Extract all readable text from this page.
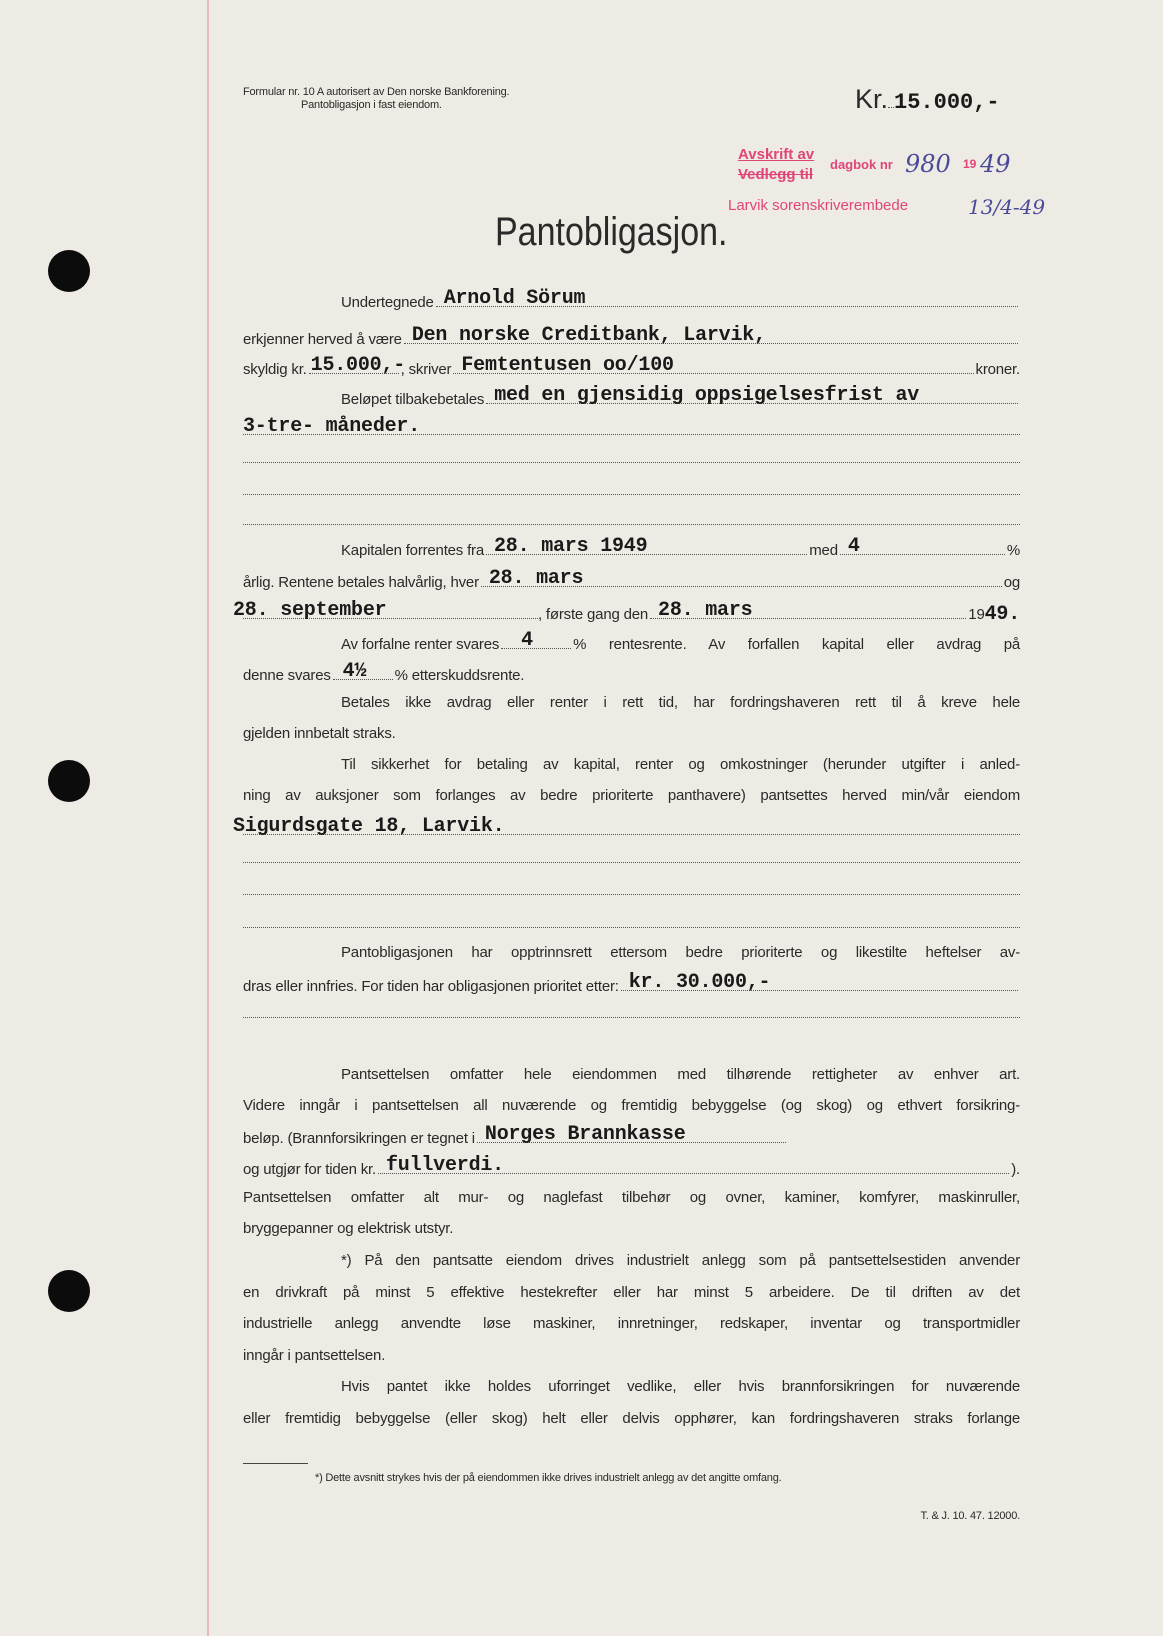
Formular nr. 10 A autorisert av Den norske Bankforening.
Pantobligasjon i fast eiendom.	Kr. 15.000,-
Avskrift av
Vedlegg til
dagbok nr 980 19 49
Larvik sorenskriverembede	13/4-49
Pantobligasjon.
Undertegnede Arnold Sörum
erkjenner herved å være Den norske Creditbank, Larvik,
skyldig kr. 15.000,-
, skriver Femtentusen oo/100	kroner.
Beløpet tilbakebetales med en gjensidig oppsigelsesfrist av
3-tre- måneder.
Kapitalen forrentes fra 28. mars 1949	med 4	%
årlig. Rentene betales halvårlig, hver 28. mars	og
28. september	, første gang den 28. mars	19 49.
Av forfalne renter svares 4	% rentesrente. Av forfallen kapital eller avdrag på
denne svares 4½ % etterskuddsrente.
Betales ikke avdrag eller renter i rett tid, har fordringshaveren rett til å kreve hele
gjelden innbetalt straks.
Til sikkerhet for betaling av kapital, renter og omkostninger (herunder utgifter i anled-
ning av auksjoner som forlanges av bedre prioriterte panthavere) pantsettes herved min/vår eiendom
Sigurdsgate 18, Larvik.
Pantobligasjonen har opptrinnsrett ettersom bedre prioriterte og likestilte heftelser av-
dras eller innfries. For tiden har obligasjonen prioritet etter: kr. 30.000,-
Pantsettelsen omfatter hele eiendommen med tilhørende rettigheter av enhver art.
Videre inngår i pantsettelsen all nuværende og fremtidig bebyggelse (og skog) og ethvert forsikring-
beløp. (Brannforsikringen er tegnet i Norges Brannkasse
og utgjør for tiden kr. fullverdi.	).
Pantsettelsen omfatter alt mur- og naglefast tilbehør og ovner, kaminer, komfyrer, maskinruller,
bryggepanner og elektrisk utstyr.
*) På den pantsatte eiendom drives industrielt anlegg som på pantsettelsestiden anvender
en drivkraft på minst 5 effektive hestekrefter eller har minst 5 arbeidere. De til driften av det
industrielle anlegg anvendte løse maskiner, innretninger, redskaper, inventar og transportmidler
inngår i pantsettelsen.
Hvis pantet ikke holdes uforringet vedlike, eller hvis brannforsikringen for nuværende
eller fremtidig bebyggelse (eller skog) helt eller delvis opphører, kan fordringshaveren straks forlange
*) Dette avsnitt strykes hvis der på eiendommen ikke drives industrielt anlegg av det angitte omfang.
T. & J. 10. 47. 12000.
